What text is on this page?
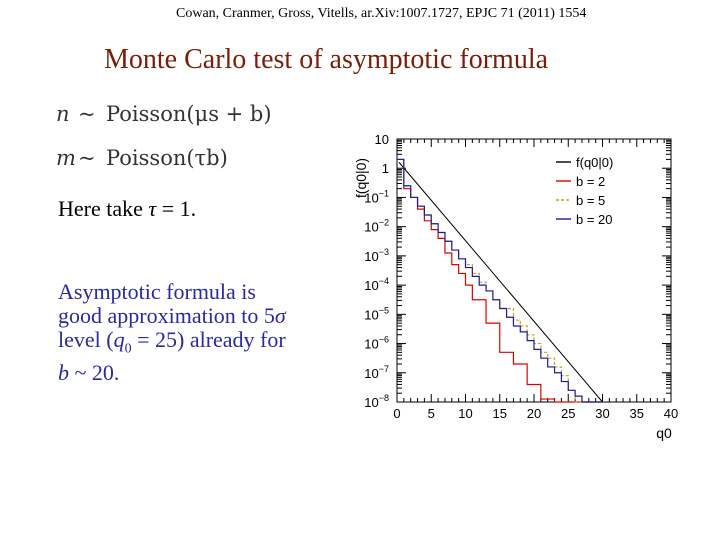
Cowan, Cranmer, Gross, Vitells, ar.Xiv:1007.1727, EPJC 71 (2011) 1554
Monte Carlo test of asymptotic formula
n ~ Poisson(μs + b)
m~ Poisson(τb)
Here take τ = 1.
Asymptotic formula is
good approximation to 5σ
level $(q_0 = 25)$ already for
b ~ 20.
0 5 10 15 20 25 30 35 40
10
1
$10^{-1}$
$10^{-2}$
$10^{-3}$
$10^{-4}$
$10^{-5}$
$10^{-6}$
$10^{-7}$
$10^{-8}$
f(q0|0)
q0
f(q0|0)
b = 2
b = 5
b = 20
